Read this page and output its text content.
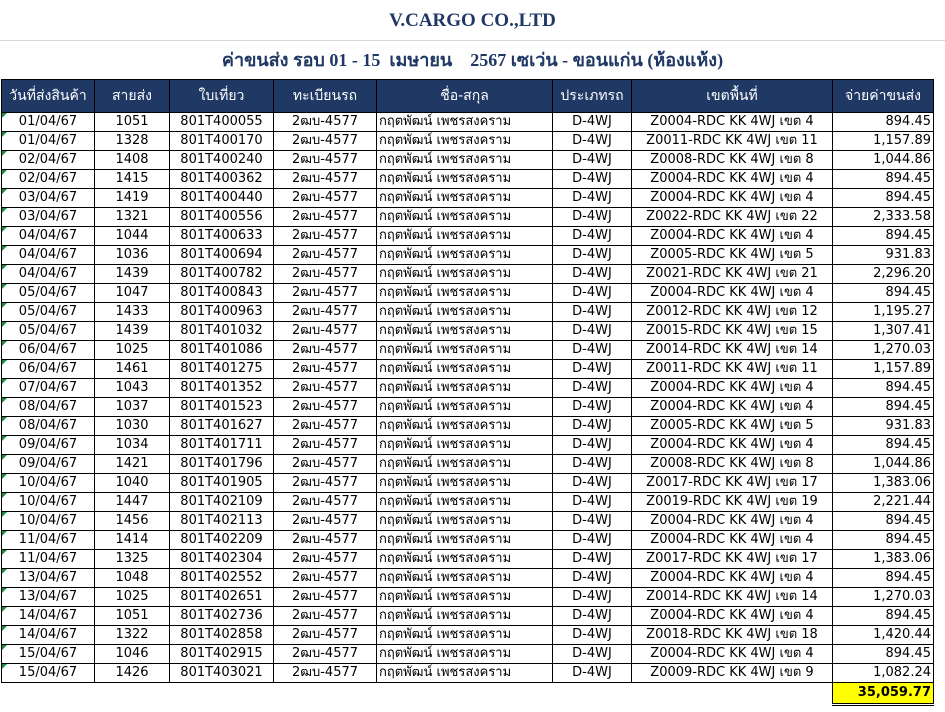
V.CARGO CO.,LTD
ค่าขนส่ง รอบ 01 - 15  เมษายน    2567 เซเว่น - ขอนแก่น (ห้องแห้ง)
วันที่ส่งสินค้า	สายส่ง	ใบเที่ยว	ทะเบียนรถ	ชื่อ-สกุล	ประเภทรถ	เขตพื้นที่	จ่ายค่าขนส่ง
01/04/67	1051	801T400055	2ฒบ-4577	กฤตพัฒน์ เพชรสงคราม	D-4WJ	Z0004-RDC KK 4WJ เขต 4	894.45
01/04/67	1328	801T400170	2ฒบ-4577	กฤตพัฒน์ เพชรสงคราม	D-4WJ	Z0011-RDC KK 4WJ เขต 11	1,157.89
02/04/67	1408	801T400240	2ฒบ-4577	กฤตพัฒน์ เพชรสงคราม	D-4WJ	Z0008-RDC KK 4WJ เขต 8	1,044.86
02/04/67	1415	801T400362	2ฒบ-4577	กฤตพัฒน์ เพชรสงคราม	D-4WJ	Z0004-RDC KK 4WJ เขต 4	894.45
03/04/67	1419	801T400440	2ฒบ-4577	กฤตพัฒน์ เพชรสงคราม	D-4WJ	Z0004-RDC KK 4WJ เขต 4	894.45
03/04/67	1321	801T400556	2ฒบ-4577	กฤตพัฒน์ เพชรสงคราม	D-4WJ	Z0022-RDC KK 4WJ เขต 22	2,333.58
04/04/67	1044	801T400633	2ฒบ-4577	กฤตพัฒน์ เพชรสงคราม	D-4WJ	Z0004-RDC KK 4WJ เขต 4	894.45
04/04/67	1036	801T400694	2ฒบ-4577	กฤตพัฒน์ เพชรสงคราม	D-4WJ	Z0005-RDC KK 4WJ เขต 5	931.83
04/04/67	1439	801T400782	2ฒบ-4577	กฤตพัฒน์ เพชรสงคราม	D-4WJ	Z0021-RDC KK 4WJ เขต 21	2,296.20
05/04/67	1047	801T400843	2ฒบ-4577	กฤตพัฒน์ เพชรสงคราม	D-4WJ	Z0004-RDC KK 4WJ เขต 4	894.45
05/04/67	1433	801T400963	2ฒบ-4577	กฤตพัฒน์ เพชรสงคราม	D-4WJ	Z0012-RDC KK 4WJ เขต 12	1,195.27
05/04/67	1439	801T401032	2ฒบ-4577	กฤตพัฒน์ เพชรสงคราม	D-4WJ	Z0015-RDC KK 4WJ เขต 15	1,307.41
06/04/67	1025	801T401086	2ฒบ-4577	กฤตพัฒน์ เพชรสงคราม	D-4WJ	Z0014-RDC KK 4WJ เขต 14	1,270.03
06/04/67	1461	801T401275	2ฒบ-4577	กฤตพัฒน์ เพชรสงคราม	D-4WJ	Z0011-RDC KK 4WJ เขต 11	1,157.89
07/04/67	1043	801T401352	2ฒบ-4577	กฤตพัฒน์ เพชรสงคราม	D-4WJ	Z0004-RDC KK 4WJ เขต 4	894.45
08/04/67	1037	801T401523	2ฒบ-4577	กฤตพัฒน์ เพชรสงคราม	D-4WJ	Z0004-RDC KK 4WJ เขต 4	894.45
08/04/67	1030	801T401627	2ฒบ-4577	กฤตพัฒน์ เพชรสงคราม	D-4WJ	Z0005-RDC KK 4WJ เขต 5	931.83
09/04/67	1034	801T401711	2ฒบ-4577	กฤตพัฒน์ เพชรสงคราม	D-4WJ	Z0004-RDC KK 4WJ เขต 4	894.45
09/04/67	1421	801T401796	2ฒบ-4577	กฤตพัฒน์ เพชรสงคราม	D-4WJ	Z0008-RDC KK 4WJ เขต 8	1,044.86
10/04/67	1040	801T401905	2ฒบ-4577	กฤตพัฒน์ เพชรสงคราม	D-4WJ	Z0017-RDC KK 4WJ เขต 17	1,383.06
10/04/67	1447	801T402109	2ฒบ-4577	กฤตพัฒน์ เพชรสงคราม	D-4WJ	Z0019-RDC KK 4WJ เขต 19	2,221.44
10/04/67	1456	801T402113	2ฒบ-4577	กฤตพัฒน์ เพชรสงคราม	D-4WJ	Z0004-RDC KK 4WJ เขต 4	894.45
11/04/67	1414	801T402209	2ฒบ-4577	กฤตพัฒน์ เพชรสงคราม	D-4WJ	Z0004-RDC KK 4WJ เขต 4	894.45
11/04/67	1325	801T402304	2ฒบ-4577	กฤตพัฒน์ เพชรสงคราม	D-4WJ	Z0017-RDC KK 4WJ เขต 17	1,383.06
13/04/67	1048	801T402552	2ฒบ-4577	กฤตพัฒน์ เพชรสงคราม	D-4WJ	Z0004-RDC KK 4WJ เขต 4	894.45
13/04/67	1025	801T402651	2ฒบ-4577	กฤตพัฒน์ เพชรสงคราม	D-4WJ	Z0014-RDC KK 4WJ เขต 14	1,270.03
14/04/67	1051	801T402736	2ฒบ-4577	กฤตพัฒน์ เพชรสงคราม	D-4WJ	Z0004-RDC KK 4WJ เขต 4	894.45
14/04/67	1322	801T402858	2ฒบ-4577	กฤตพัฒน์ เพชรสงคราม	D-4WJ	Z0018-RDC KK 4WJ เขต 18	1,420.44
15/04/67	1046	801T402915	2ฒบ-4577	กฤตพัฒน์ เพชรสงคราม	D-4WJ	Z0004-RDC KK 4WJ เขต 4	894.45
15/04/67	1426	801T403021	2ฒบ-4577	กฤตพัฒน์ เพชรสงคราม	D-4WJ	Z0009-RDC KK 4WJ เขต 9	1,082.24
							35,059.77
